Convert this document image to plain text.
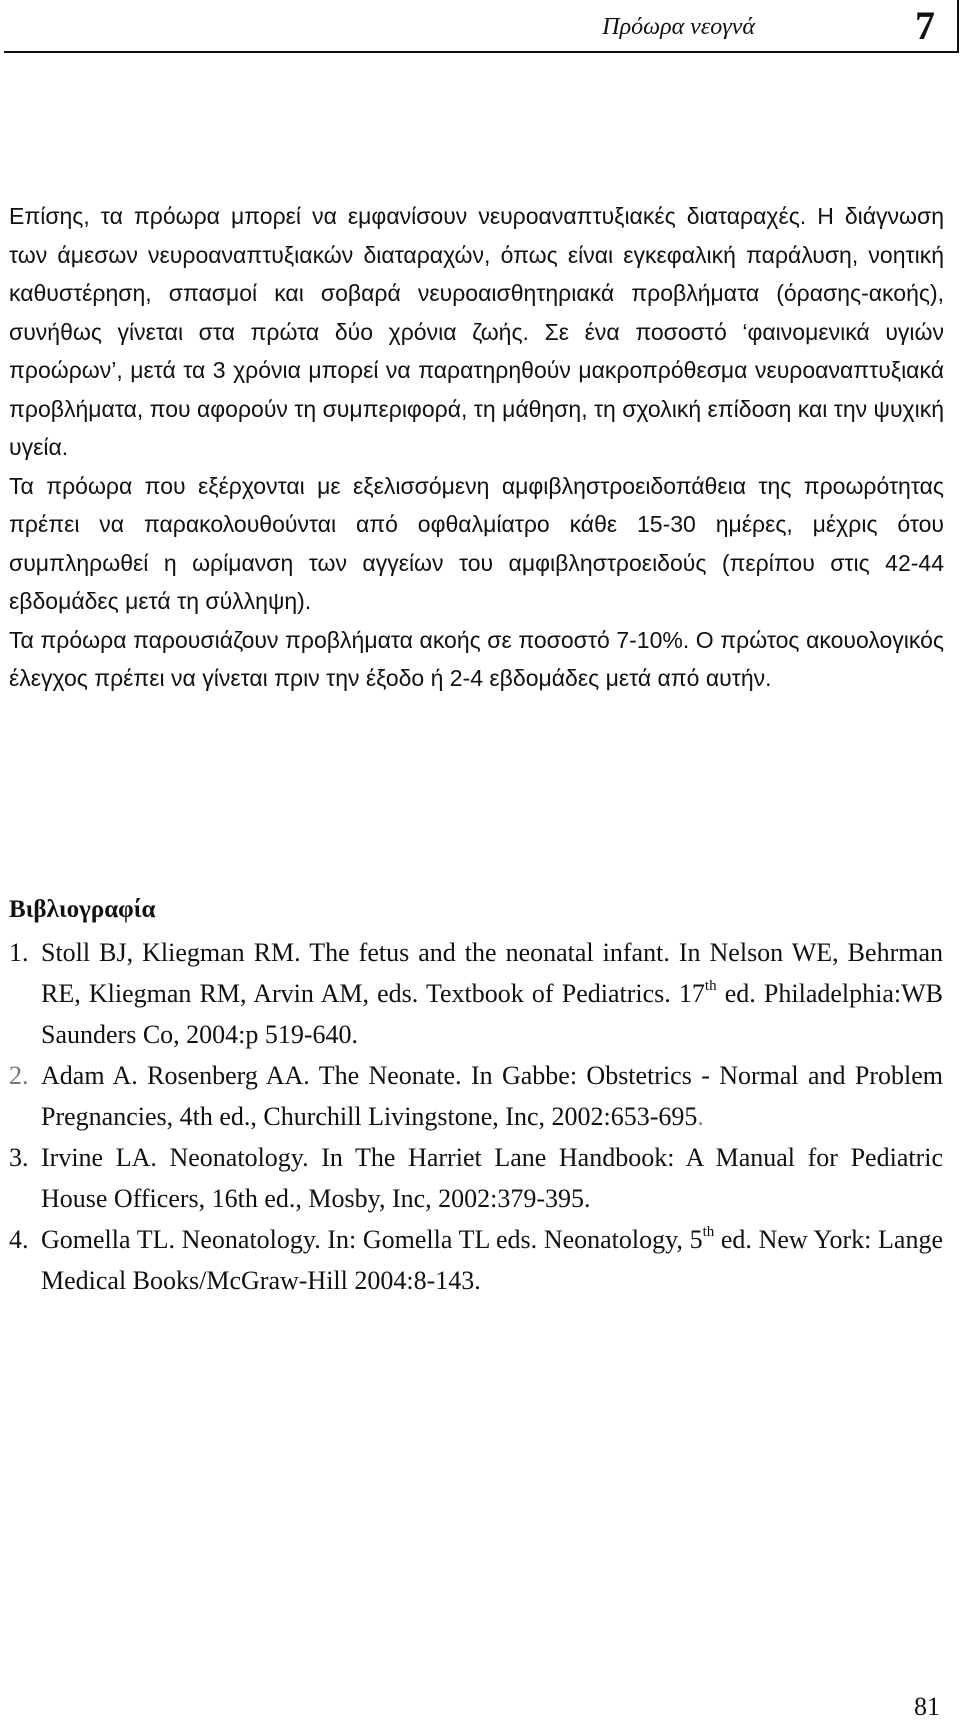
Πρόωρα νεογνά	7

Επίσης, τα πρόωρα μπορεί να εμφανίσουν νευροαναπτυξιακές διαταραχές. Η διάγνωση των άμεσων νευροαναπτυξιακών διαταραχών, όπως είναι εγκεφαλική παράλυση, νοητική καθυστέρηση, σπασμοί και σοβαρά νευροαισθητηριακά προβλήματα (όρασης-ακοής), συνήθως γίνεται στα πρώτα δύο χρόνια ζωής. Σε ένα ποσοστό ‘φαινομενικά υγιών προώρων’, μετά τα 3 χρόνια μπορεί να παρατηρηθούν μακροπρόθεσμα νευροαναπτυξιακά προβλήματα, που αφορούν τη συμπεριφορά, τη μάθηση, τη σχολική επίδοση και την ψυχική υγεία.

Τα πρόωρα που εξέρχονται με εξελισσόμενη αμφιβληστροειδοπάθεια της προωρότητας πρέπει να παρακολουθούνται από οφθαλμίατρο κάθε 15-30 ημέρες, μέχρις ότου συμπληρωθεί η ωρίμανση των αγγείων του αμφιβληστροειδούς (περίπου στις 42-44 εβδομάδες μετά τη σύλληψη).

Τα πρόωρα παρουσιάζουν προβλήματα ακοής σε ποσοστό 7-10%. Ο πρώτος ακουολογικός έλεγχος πρέπει να γίνεται πριν την έξοδο ή 2-4 εβδομάδες μετά από αυτήν.

Βιβλιογραφία
1. Stoll BJ, Kliegman RM. The fetus and the neonatal infant. In Nelson WE, Behrman RE, Kliegman RM, Arvin AM, eds. Textbook of Pediatrics. 17th ed. Philadelphia:WB Saunders Co, 2004:p 519-640.
2. Adam A. Rosenberg AA. The Neonate. In Gabbe: Obstetrics - Normal and Problem Pregnancies, 4th ed., Churchill Livingstone, Inc, 2002:653-695.
3. Irvine LA. Neonatology. In The Harriet Lane Handbook: A Manual for Pediatric House Officers, 16th ed., Mosby, Inc, 2002:379-395.
4. Gomella TL. Neonatology. In: Gomella TL eds. Neonatology, 5th ed. New York: Lange Medical Books/McGraw-Hill 2004:8-143.
81
